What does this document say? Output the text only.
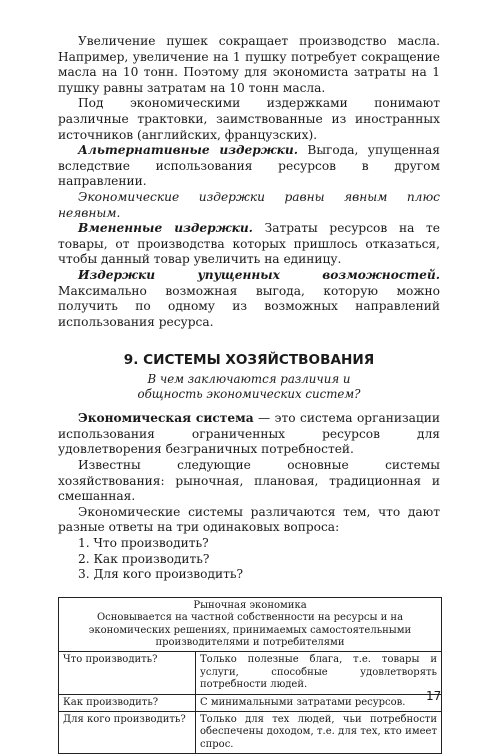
Увеличение пушек сокращает производство масла. Например, увеличение на 1 пушку потребует сокращение масла на 10 тонн. Поэтому для экономиста затраты на 1 пушку равны затратам на 10 тонн масла.

Под экономическими издержками понимают различные трактовки, заимствованные из иностранных источников (английских, французских).

Альтернативные издержки. Выгода, упущенная вследствие использования ресурсов в другом направлении.

Экономические издержки равны явным плюс неявным.

Вмененные издержки. Затраты ресурсов на те товары, от производства которых пришлось отказаться, чтобы данный товар увеличить на единицу.

Издержки упущенных возможностей. Максимально возможная выгода, которую можно получить по одному из возможных направлений использования ресурса.

9. СИСТЕМЫ ХОЗЯЙСТВОВАНИЯ

В чем заключаются различия и общность экономических систем?

Экономическая система — это система организации использования ограниченных ресурсов для удовлетворения безграничных потребностей.

Известны следующие основные системы хозяйствования: рыночная, плановая, традиционная и смешанная.

Экономические системы различаются тем, что дают разные ответы на три одинаковых вопроса:

1. Что производить?

2. Как производить?

3. Для кого производить?

Рыночная экономика
Основывается на частной собственности на ресурсы и на экономических решениях, принимаемых самостоятельными производителями и потребителями	

Что производить?	Только полезные блага, т.е. товары и услуги, способные удовлетворять потребности людей.
Как производить?	С минимальными затратами ресурсов.
Для кого производить?	Только для тех людей, чьи потребности обеспечены доходом, т.е. для тех, кто имеет спрос.
17
